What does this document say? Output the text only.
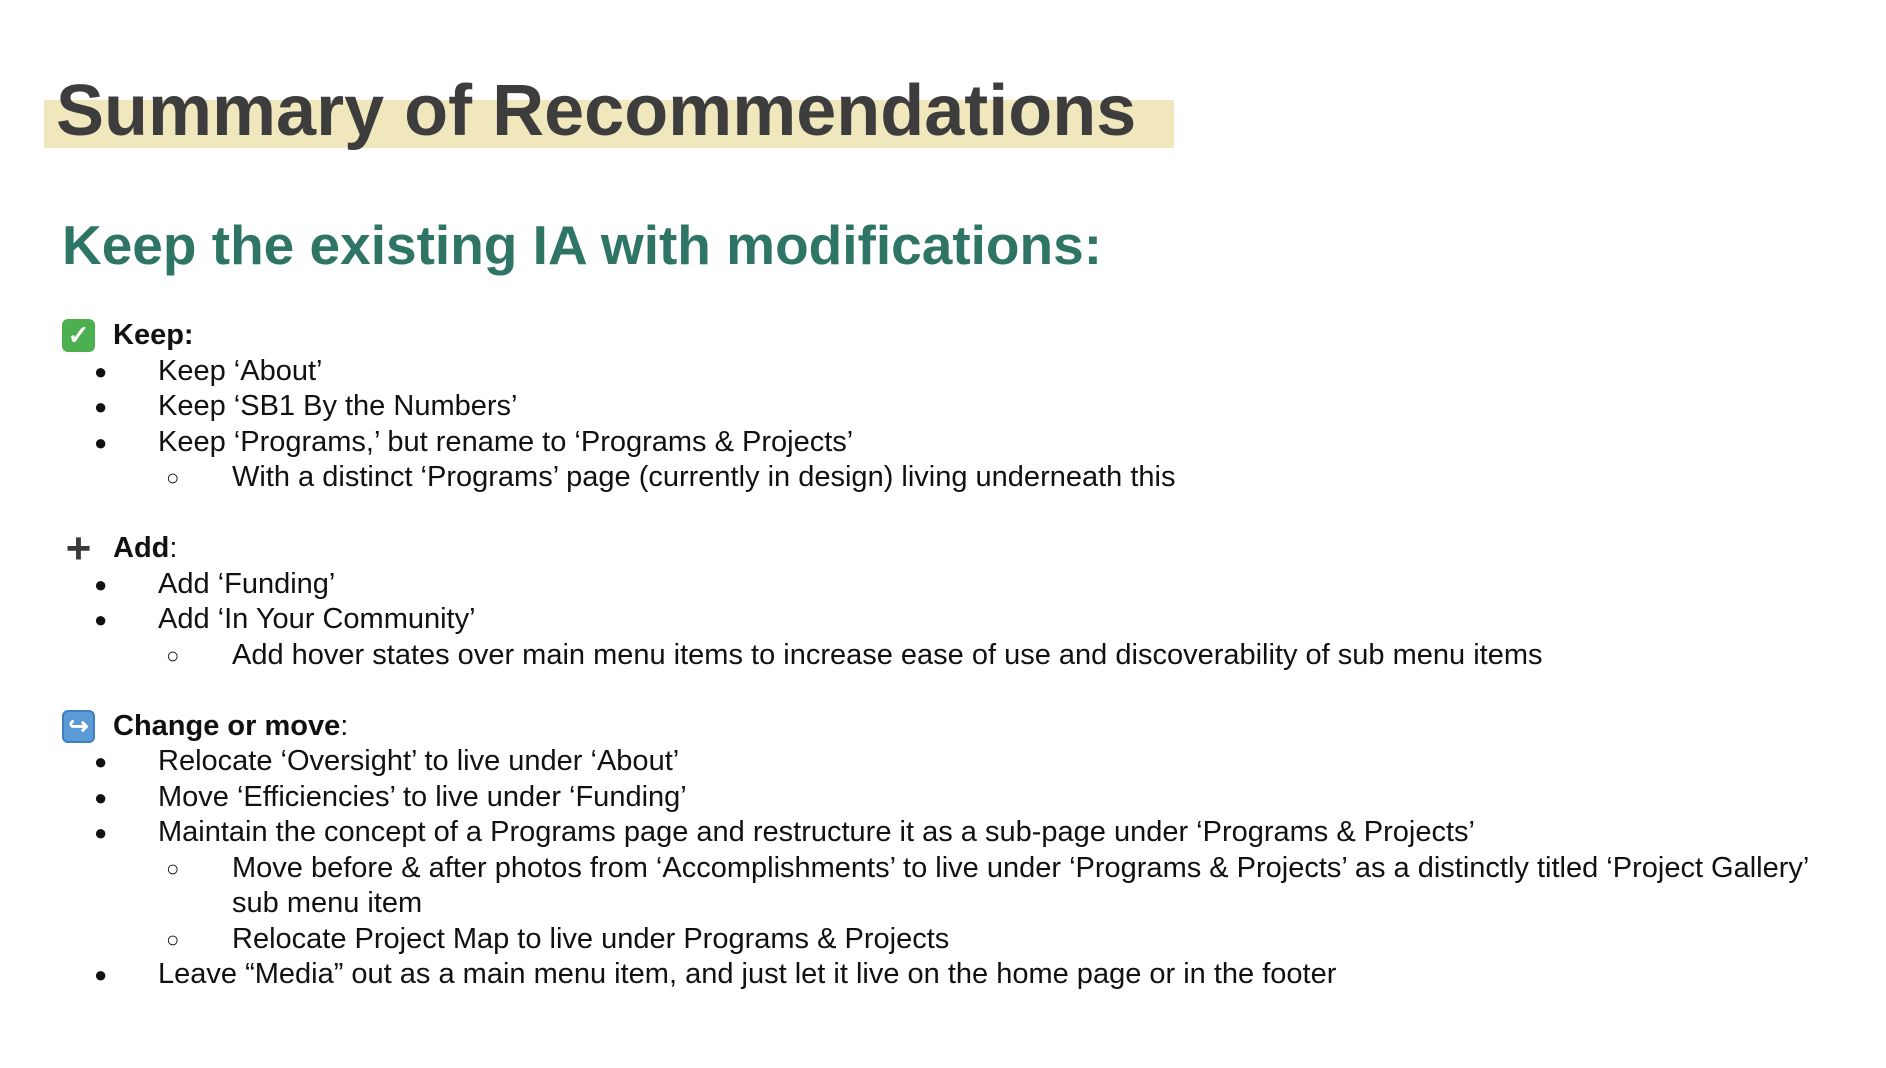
Summary of Recommendations
Keep the existing IA with modifications:
✓ Keep:
● Keep ‘About’
● Keep ‘SB1 By the Numbers’
● Keep ‘Programs,’ but rename to ‘Programs & Projects’
○ With a distinct ‘Programs’ page (currently in design) living underneath this
+ Add :
● Add ‘Funding’
● Add ‘In Your Community’
○ Add hover states over main menu items to increase ease of use and discoverability of sub menu items
↪ Change or move :
● Relocate ‘Oversight’ to live under ‘About’
● Move ‘Efficiencies’ to live under ‘Funding’
● Maintain the concept of a Programs page and restructure it as a sub-page under ‘Programs & Projects’
○ Move before & after photos from ‘Accomplishments’ to live under ‘Programs & Projects’ as a distinctly titled ‘Project Gallery’ sub menu item
○ Relocate Project Map to live under Programs & Projects
● Leave “Media” out as a main menu item, and just let it live on the home page or in the footer
